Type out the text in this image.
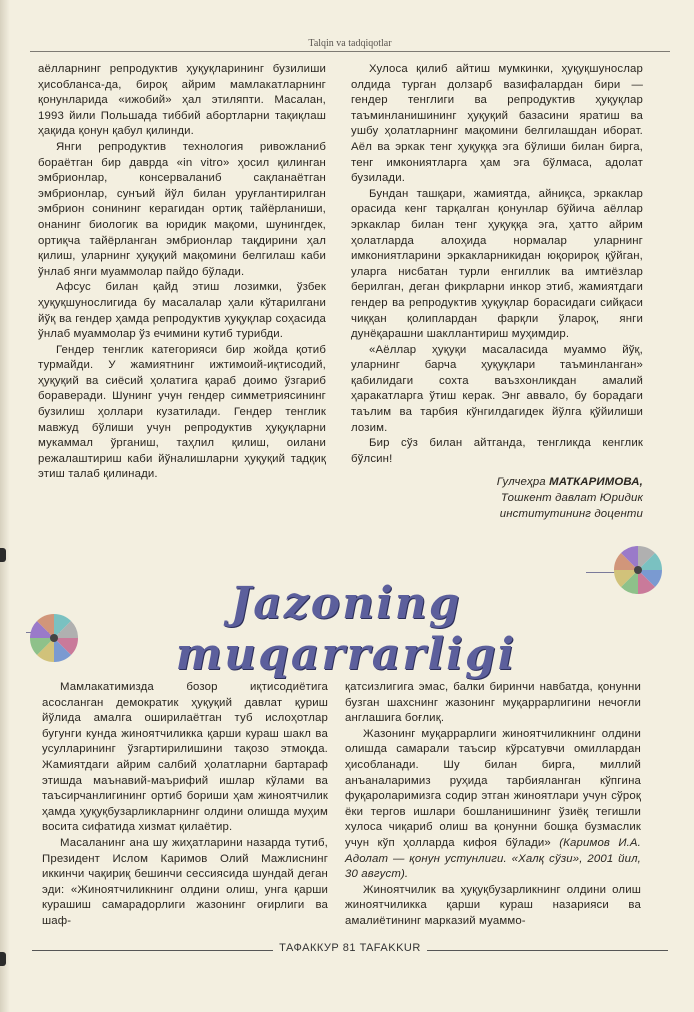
Talqin va tadqiqotlar

аёлларнинг репродуктив ҳуқуқларининг бузилиши ҳисобланса-да, бироқ айрим мамлакатларнинг қонунларида «ижобий» ҳал этиляпти. Масалан, 1993 йили Польшада тиббий абортларни тақиқлаш ҳақида қонун қабул қилинди.

Янги репродуктив технология ривожланиб бораётган бир даврда «in vitro» ҳосил қилинган эмбрионлар, консерваланиб сақланаётган эмбрионлар, сунъий йўл билан уруғлантирилган эмбрион сонининг керагидан ортиқ тайёрланиши, онанинг биологик ва юридик мақоми, шунингдек, ортиқча тайёрланган эмбрионлар тақдирини ҳал қилиш, уларнинг ҳуқуқий мақомини белгилаш каби ўнлаб янги муаммолар пайдо бўлади.

Афсус билан қайд этиш лозимки, ўзбек ҳуқуқшунослигида бу масалалар ҳали кўтарилгани йўқ ва гендер ҳамда репродуктив ҳуқуқлар соҳасида ўнлаб муаммолар ўз ечимини кутиб турибди.

Гендер тенглик категорияси бир жойда қотиб турмайди. У жамиятнинг ижтимоий-иқтисодий, ҳуқуқий ва сиёсий ҳолатига қараб доимо ўзгариб бораверади. Шунинг учун гендер симметриясининг бузилиш ҳоллари кузатилади. Гендер тенглик мавжуд бўлиши учун репродуктив ҳуқуқларни мукаммал ўрганиш, таҳлил қилиш, оилани режалаштириш каби йўналишларни ҳуқуқий тадқиқ этиш талаб қилинади.

Хулоса қилиб айтиш мумкинки, ҳуқуқшунослар олдида турган долзарб вазифалардан бири — гендер тенглиги ва репродуктив ҳуқуқлар таъминланишининг ҳуқуқий базасини яратиш ва ушбу ҳолатларнинг мақомини белгилашдан иборат. Аёл ва эркак тенг ҳуқуққа эга бўлиши билан бирга, тенг имкониятларга ҳам эга бўлмаса, адолат бузилади.

Бундан ташқари, жамиятда, айниқса, эркаклар орасида кенг тарқалган қонунлар бўйича аёллар эркаклар билан тенг ҳуқуққа эга, ҳатто айрим ҳолатларда алоҳида нормалар уларнинг имкониятларини эркакларникидан юқорироқ қўйган, уларга нисбатан турли енгиллик ва имтиёзлар берилган, деган фикрларни инкор этиб, жамиятдаги гендер ва репродуктив ҳуқуқлар борасидаги сийқаси чиққан қолиплардан фарқли ўлароқ, янги дунёқарашни шакллантириш муҳимдир.

«Аёллар ҳуқуқи масаласида муаммо йўқ, уларнинг барча ҳуқуқлари таъминланган» қабилидаги сохта ваъзхонликдан амалий ҳаракатларга ўтиш керак. Энг аввало, бу борадаги таълим ва тарбия кўнгилдагидек йўлга қўйилиши лозим.

Бир сўз билан айтганда, тенгликда кенглик бўлсин!

Гулчеҳра МАТКАРИМОВА,
Тошкент давлат Юридик
институтининг доценти
Jazoning muqarrarligi

Мамлакатимизда бозор иқтисодиётига асосланган демократик ҳуқуқий давлат қуриш йўлида амалга оширилаётган туб ислоҳотлар бугунги кунда жиноятчиликка қарши кураш шакл ва усулларининг ўзгартирилишини тақозо этмоқда. Жамиятдаги айрим салбий ҳолатларни бартараф этишда маънавий-маърифий ишлар кўлами ва таъсирчанлигининг ортиб бориши ҳам жиноятчилик ҳамда ҳуқуқбузарликларнинг олдини олишда муҳим восита сифатида хизмат қилаётир.

Масаланинг ана шу жиҳатларини назарда тутиб, Президент Ислом Каримов Олий Мажлиснинг иккинчи чақириқ бешинчи сессиясида шундай деган эди: «Жиноятчиликнинг олдини олиш, унга қарши курашиш самарадорлиги жазонинг оғирлиги ва шаф-

қатсизлигига эмас, балки биринчи навбатда, қонунни бузган шахснинг жазонинг муқаррарлигини нечоғли англашига боғлиқ.

Жазонинг муқаррарлиги жиноятчиликнинг олдини олишда самарали таъсир кўрсатувчи омиллардан ҳисобланади. Шу билан бирга, миллий анъаналаримиз руҳида тарбияланган кўпгина фуқароларимизга содир этган жиноятлари учун сўроқ ёки тергов ишлари бошланишининг ўзиёқ тегишли хулоса чиқариб олиш ва қонунни бошқа бузмаслик учун кўп ҳолларда кифоя бўлади» (Каримов И.А. Адолат — қонун устунлиги. «Халқ сўзи», 2001 йил, 30 август).

Жиноятчилик ва ҳуқуқбузарликнинг олдини олиш жиноятчиликка қарши кураш назарияси ва амалиётининг марказий муаммо-

ТАФАККУР 81 TAFAKKUR
